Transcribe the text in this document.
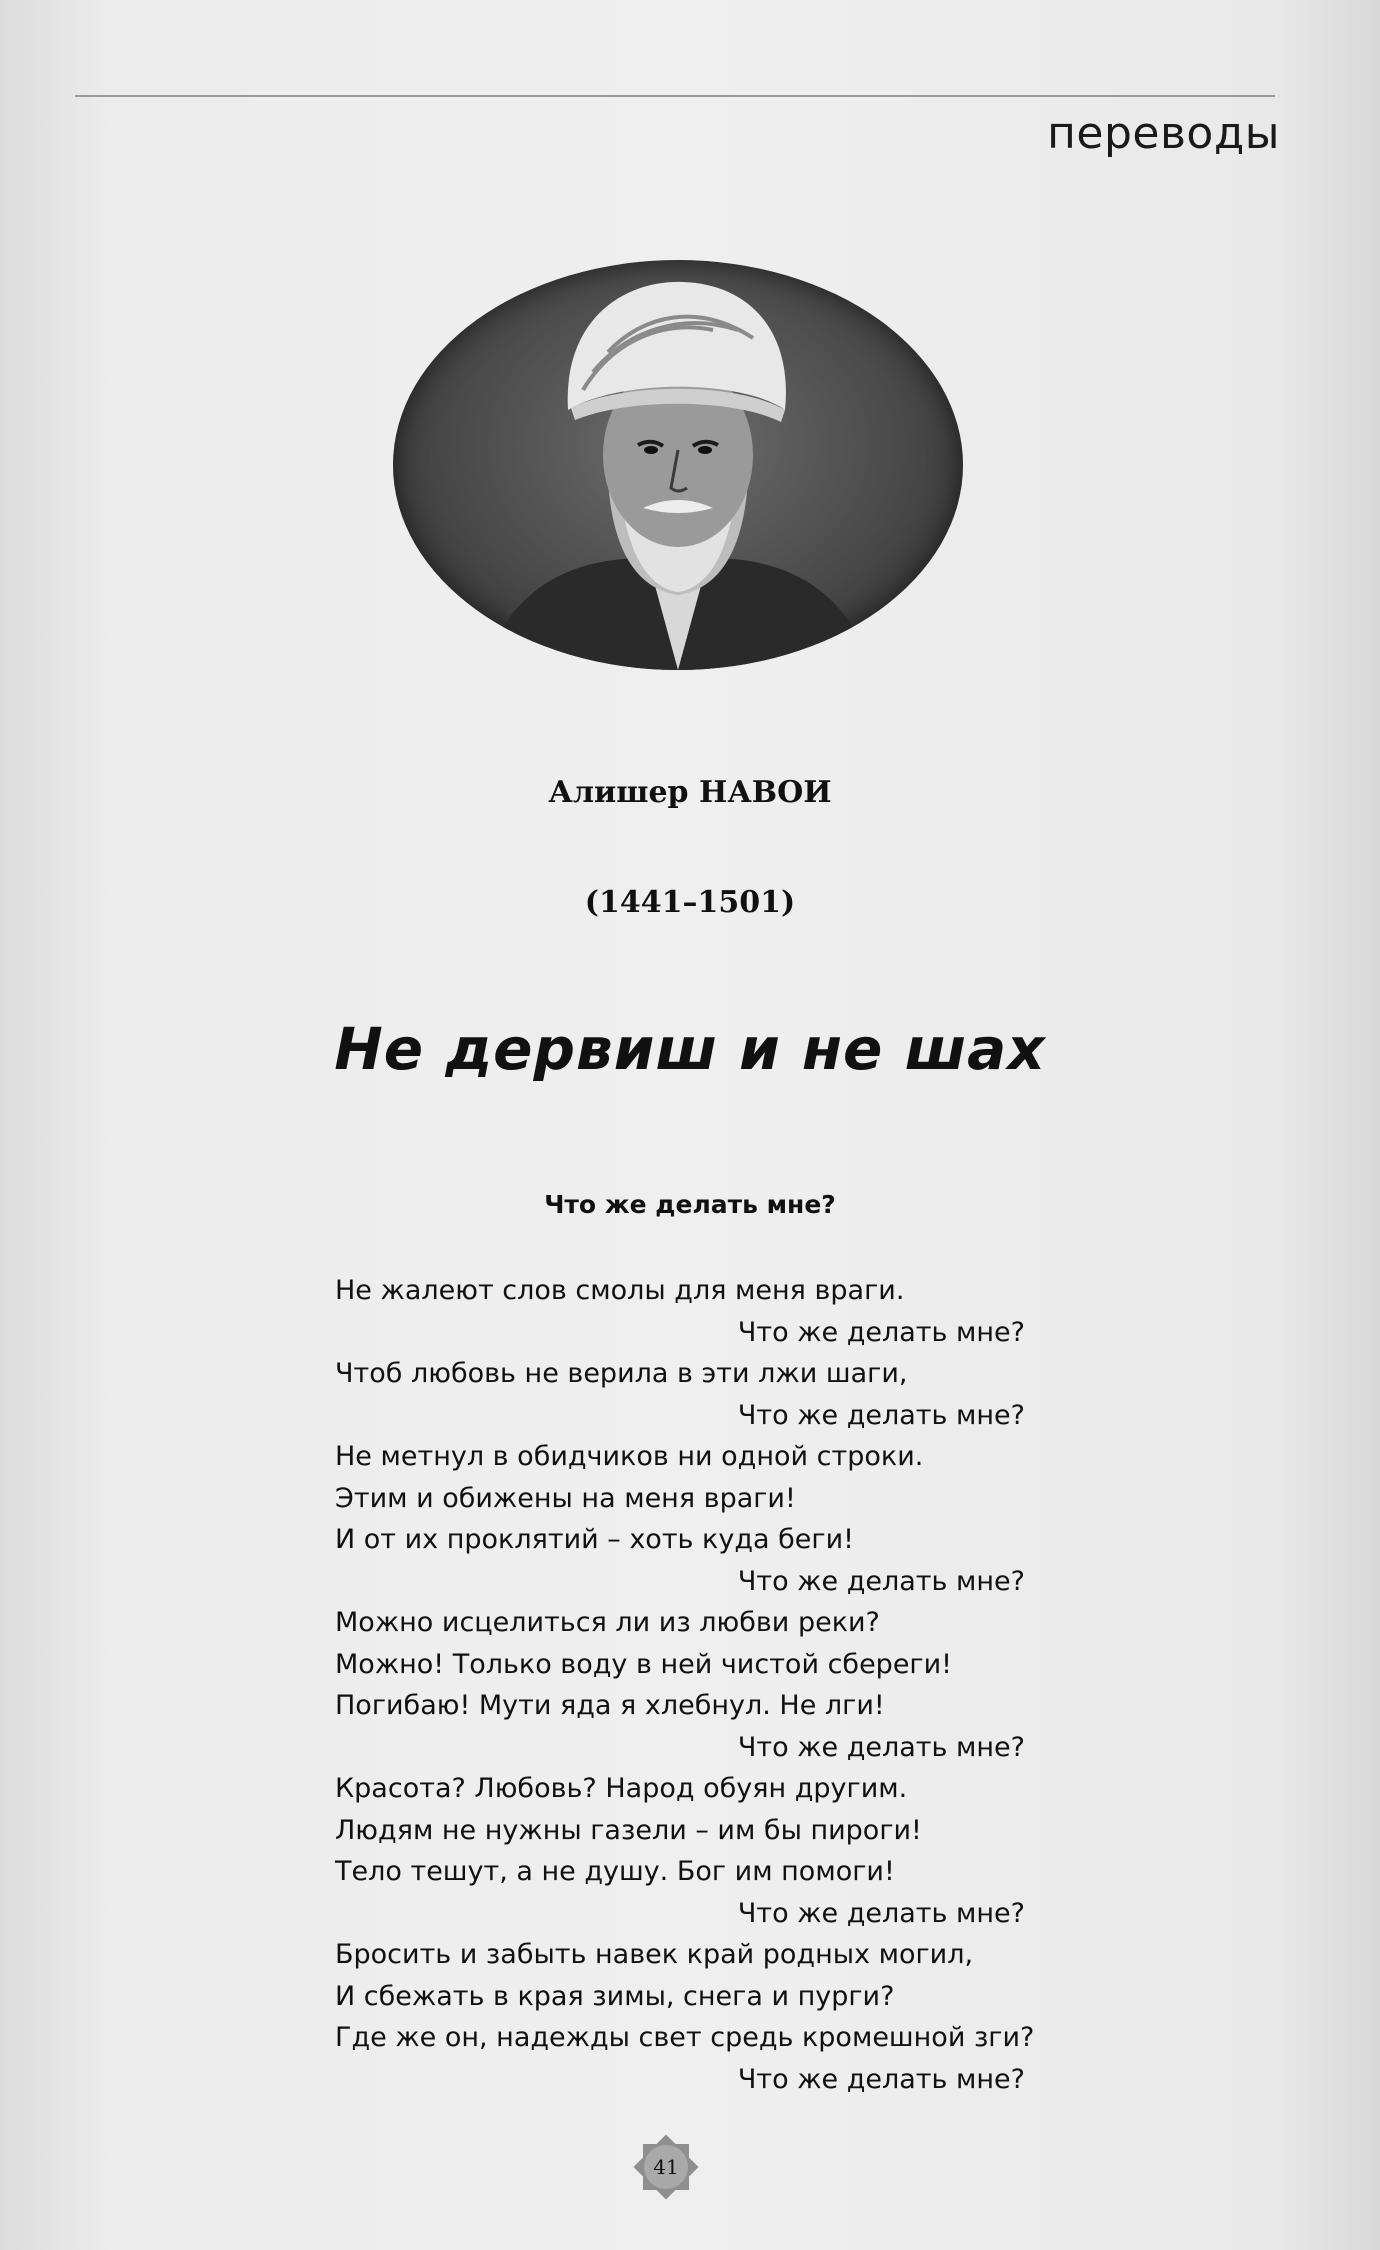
переводы
Алишер НАВОИ
(1441–1501)
Не дервиш и не шах
Что же делать мне?
Не жалеют слов смолы для меня враги.
Что же делать мне?
Чтоб любовь не верила в эти лжи шаги,
Что же делать мне?
Не метнул в обидчиков ни одной строки.
Этим и обижены на меня враги!
И от их проклятий – хоть куда беги!
Что же делать мне?
Можно исцелиться ли из любви реки?
Можно! Только воду в ней чистой сбереги!
Погибаю! Мути яда я хлебнул. Не лги!
Что же делать мне?
Красота? Любовь? Народ обуян другим.
Людям не нужны газели – им бы пироги!
Тело тешут, а не душу. Бог им помоги!
Что же делать мне?
Бросить и забыть навек край родных могил,
И сбежать в края зимы, снега и пурги?
Где же он, надежды свет средь кромешной зги?
Что же делать мне?
41
